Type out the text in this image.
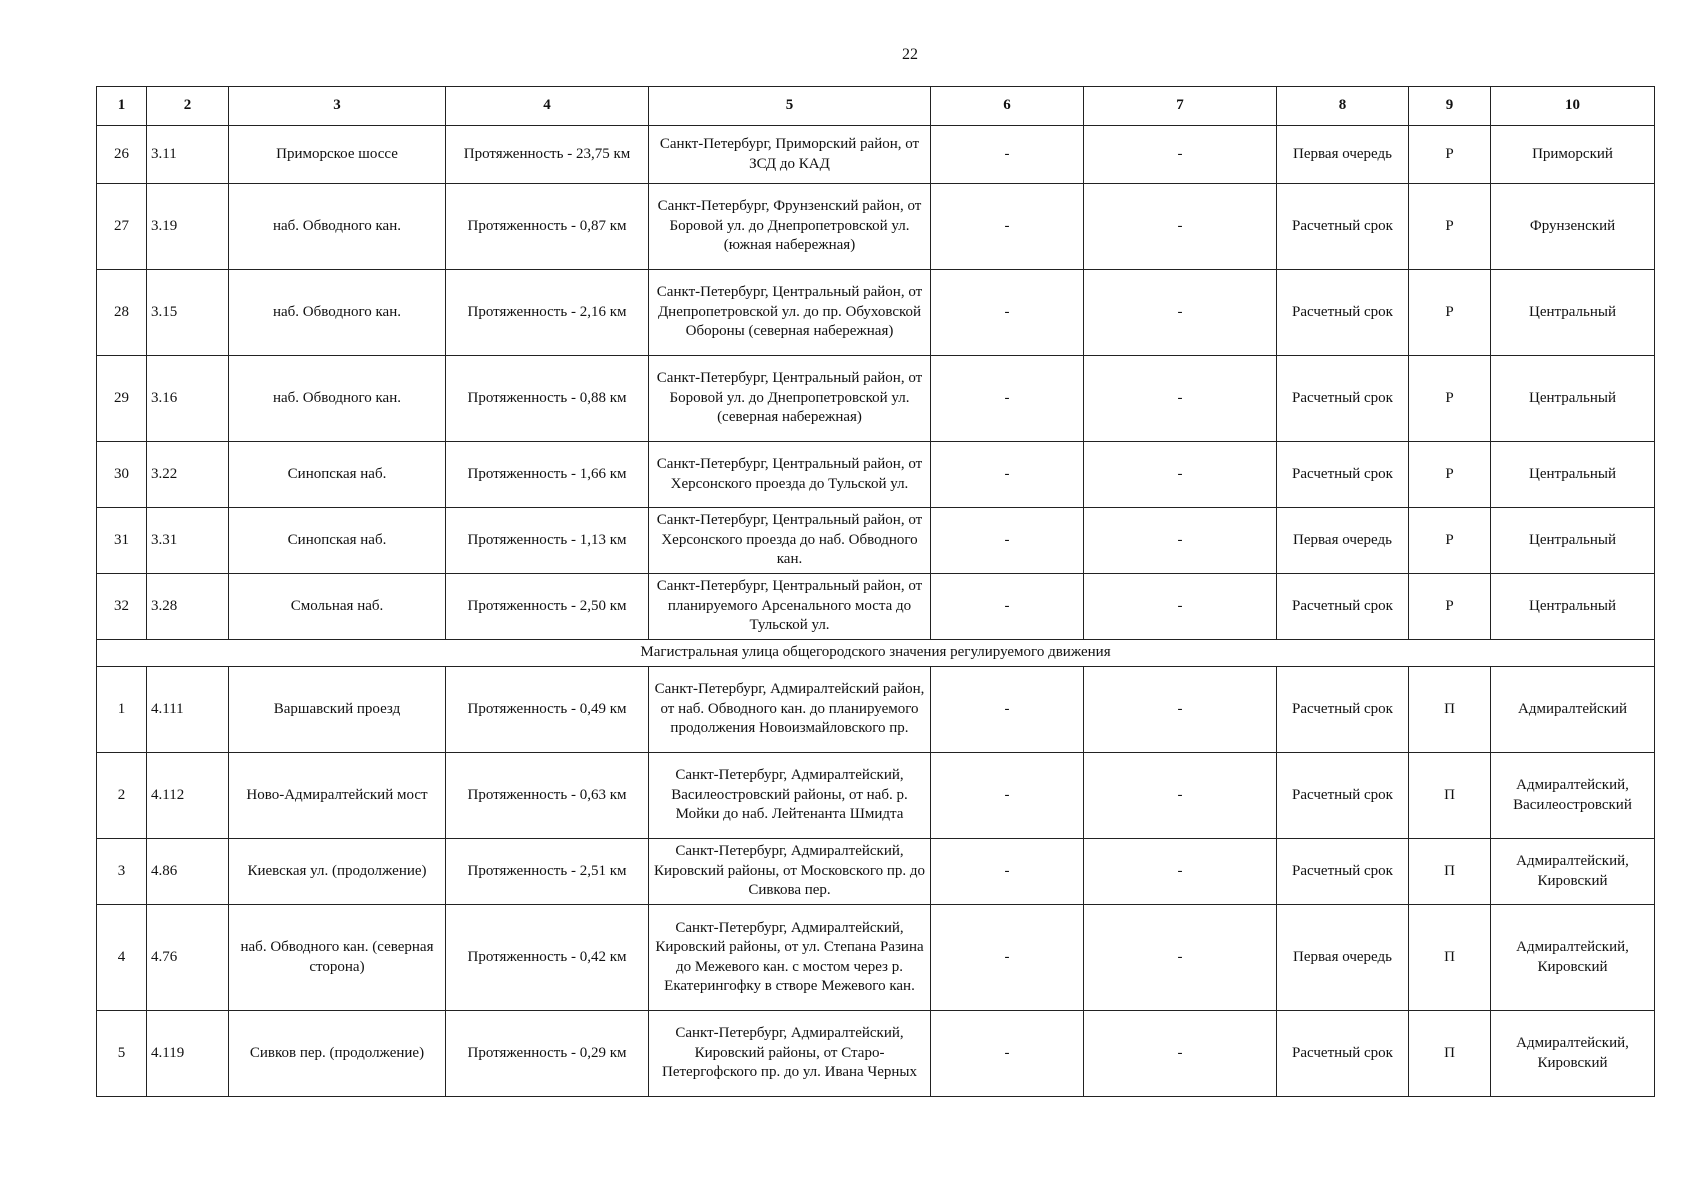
22
1	2	3	4	5	6	7	8	9	10
26	3.11	Приморское шоссе	Протяженность - 23,75 км	Санкт-Петербург, Приморский район, от ЗСД до КАД	-	-	Первая очередь	Р	Приморский
27	3.19	наб. Обводного кан.	Протяженность - 0,87 км	Санкт-Петербург, Фрунзенский район, от Боровой ул. до Днепропетровской ул. (южная набережная)	-	-	Расчетный срок	Р	Фрунзенский
28	3.15	наб. Обводного кан.	Протяженность - 2,16 км	Санкт-Петербург, Центральный район, от Днепропетровской ул. до пр. Обуховской Обороны (северная набережная)	-	-	Расчетный срок	Р	Центральный
29	3.16	наб. Обводного кан.	Протяженность - 0,88 км	Санкт-Петербург, Центральный район, от Боровой ул. до Днепропетровской ул. (северная набережная)	-	-	Расчетный срок	Р	Центральный
30	3.22	Синопская наб.	Протяженность - 1,66 км	Санкт-Петербург, Центральный район, от Херсонского проезда до Тульской ул.	-	-	Расчетный срок	Р	Центральный
31	3.31	Синопская наб.	Протяженность - 1,13 км	Санкт-Петербург, Центральный район, от Херсонского проезда до наб. Обводного кан.	-	-	Первая очередь	Р	Центральный
32	3.28	Смольная наб.	Протяженность - 2,50 км	Санкт-Петербург, Центральный район, от планируемого Арсенального моста до Тульской ул.	-	-	Расчетный срок	Р	Центральный
Магистральная улица общегородского значения регулируемого движения									
1	4.111	Варшавский проезд	Протяженность - 0,49 км	Санкт-Петербург, Адмиралтейский район, от наб. Обводного кан. до планируемого продолжения Новоизмайловского пр.	-	-	Расчетный срок	П	Адмиралтейский
2	4.112	Ново-Адмиралтейский мост	Протяженность - 0,63 км	Санкт-Петербург, Адмиралтейский, Василеостровский районы, от наб. р. Мойки до наб. Лейтенанта Шмидта	-	-	Расчетный срок	П	Адмиралтейский, Василеостровский
3	4.86	Киевская ул. (продолжение)	Протяженность - 2,51 км	Санкт-Петербург, Адмиралтейский, Кировский районы, от Московского пр. до Сивкова пер.	-	-	Расчетный срок	П	Адмиралтейский, Кировский
4	4.76	наб. Обводного кан. (северная сторона)	Протяженность - 0,42 км	Санкт-Петербург, Адмиралтейский, Кировский районы, от ул. Степана Разина до Межевого кан. с мостом через р. Екатерингофку в створе Межевого кан.	-	-	Первая очередь	П	Адмиралтейский, Кировский
5	4.119	Сивков пер. (продолжение)	Протяженность - 0,29 км	Санкт-Петербург, Адмиралтейский, Кировский районы, от Старо-Петергофского пр. до ул. Ивана Черных	-	-	Расчетный срок	П	Адмиралтейский, Кировский
